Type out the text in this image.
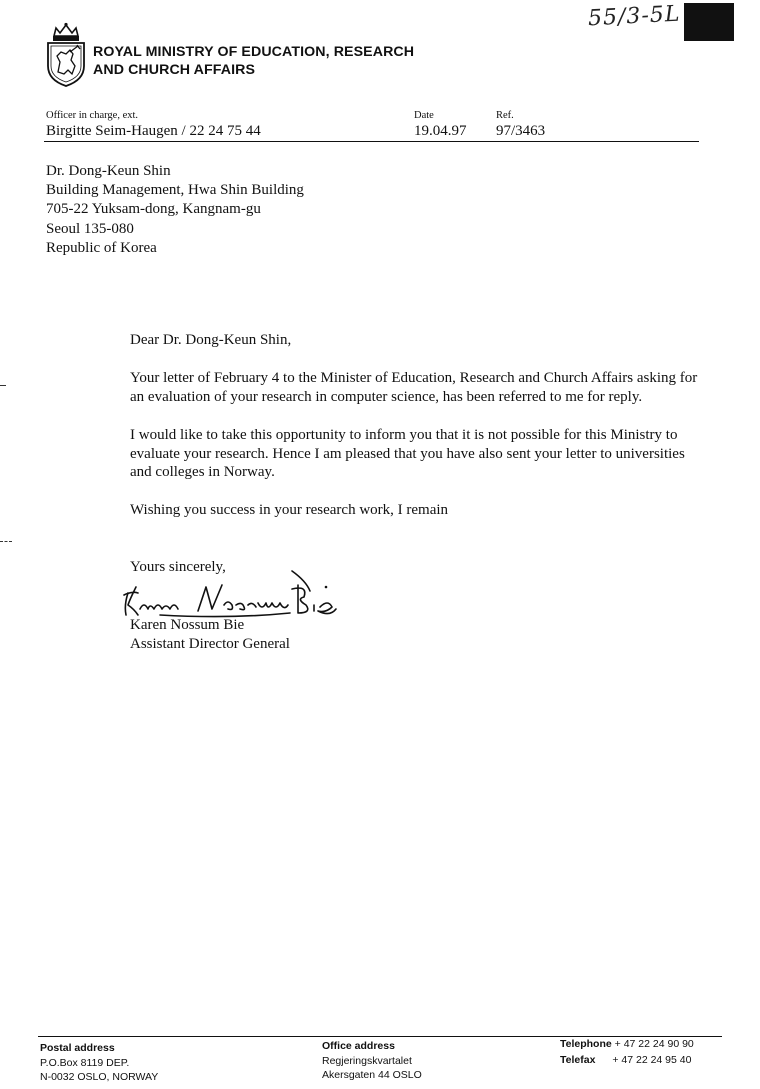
55/3-5L
ROYAL MINISTRY OF EDUCATION, RESEARCH
AND CHURCH AFFAIRS
Officer in charge, ext.
Birgitte Seim-Haugen / 22 24 75 44
Date
19.04.97
Ref.
97/3463
Dr. Dong-Keun Shin
Building Management, Hwa Shin Building
705-22 Yuksam-dong, Kangnam-gu
Seoul 135-080
Republic of Korea
Dear Dr. Dong-Keun Shin,
Your letter of February 4 to the Minister of Education, Research and Church Affairs asking for an evaluation of your research in computer science, has been referred to me for reply.
I would like to take this opportunity to inform you that it is not possible for this Ministry to evaluate your research. Hence I am pleased that you have also sent your letter to universities and colleges in Norway.
Wishing you success in your research work, I remain
Yours sincerely,
Karen Nossum Bie
Assistant Director General
Postal address
P.O.Box 8119 DEP.
N-0032 OSLO, NORWAY
Office address
Regjeringskvartalet
Akersgaten 44 OSLO
Telephone + 47 22 24 90 90
Telefax + 47 22 24 95 40
